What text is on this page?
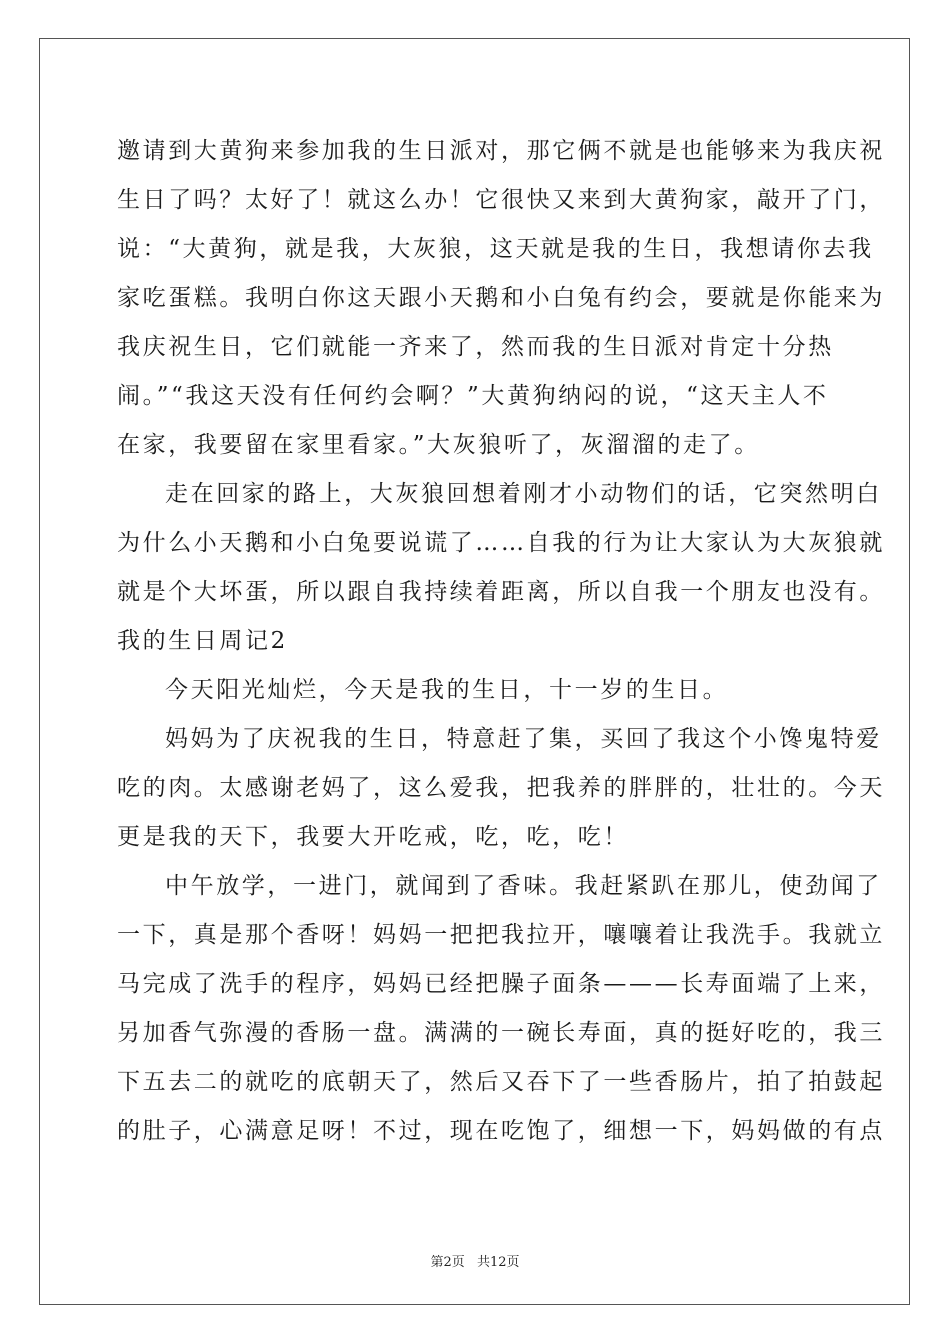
邀请到大黄狗来参加我的生日派对，那它俩不就是也能够来为我庆祝
生日了吗？太好了！就这么办！它很快又来到大黄狗家，敲开了门，
说：“大黄狗，就是我，大灰狼，这天就是我的生日，我想请你去我
家吃蛋糕。我明白你这天跟小天鹅和小白兔有约会，要就是你能来为
我庆祝生日，它们就能一齐来了，然而我的生日派对肯定十分热
闹。”“我这天没有任何约会啊？”大黄狗纳闷的说，“这天主人不
在家，我要留在家里看家。”大灰狼听了，灰溜溜的走了。
走在回家的路上，大灰狼回想着刚才小动物们的话，它突然明白
为什么小天鹅和小白兔要说谎了……自我的行为让大家认为大灰狼就
就是个大坏蛋，所以跟自我持续着距离，所以自我一个朋友也没有。
我的生日周记2
今天阳光灿烂，今天是我的生日，十一岁的生日。
妈妈为了庆祝我的生日，特意赶了集，买回了我这个小馋鬼特爱
吃的肉。太感谢老妈了，这么爱我，把我养的胖胖的，壮壮的。今天
更是我的天下，我要大开吃戒，吃，吃，吃！
中午放学，一进门，就闻到了香味。我赶紧趴在那儿，使劲闻了
一下，真是那个香呀！妈妈一把把我拉开，嚷嚷着让我洗手。我就立
马完成了洗手的程序，妈妈已经把臊子面条———长寿面端了上来，
另加香气弥漫的香肠一盘。满满的一碗长寿面，真的挺好吃的，我三
下五去二的就吃的底朝天了，然后又吞下了一些香肠片，拍了拍鼓起
的肚子，心满意足呀！不过，现在吃饱了，细想一下，妈妈做的有点
第2页 共12页
